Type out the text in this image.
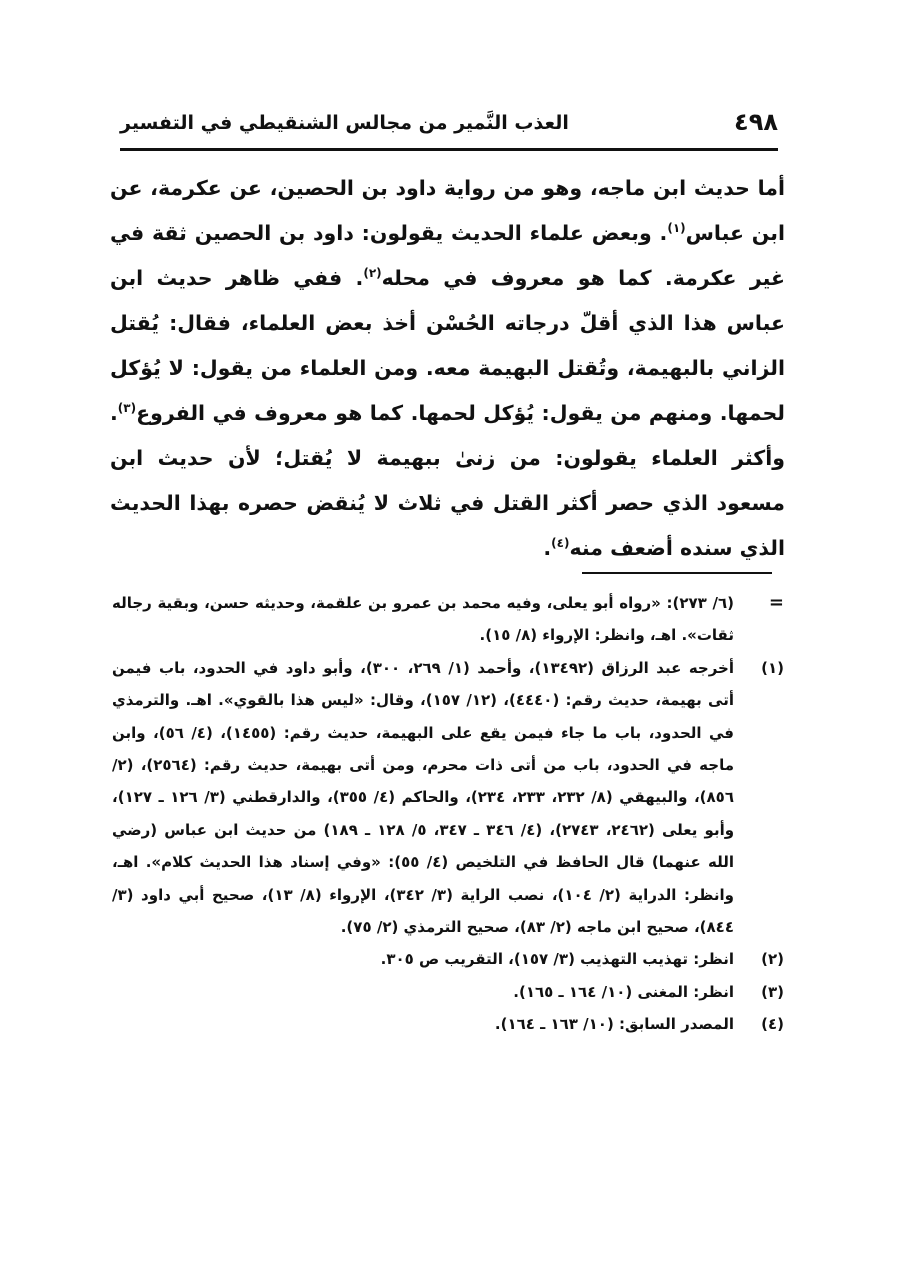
٤٩٨
العذب النَّمير من مجالس الشنقيطي في التفسير

أما حديث ابن ماجه، وهو من رواية داود بن الحصين، عن عكرمة، عن ابن عباس$^{(١)}$. وبعض علماء الحديث يقولون: داود بن الحصين ثقة في غير عكرمة. كما هو معروف في محله$^{(٢)}$. ففي ظاهر حديث ابن عباس هذا الذي أقلّ درجاته الحُسْن أخذ بعض العلماء، فقال: يُقتل الزاني بالبهيمة، وتُقتل البهيمة معه. ومن العلماء من يقول: لا يُؤكل لحمها. ومنهم من يقول: يُؤكل لحمها. كما هو معروف في الفروع$^{(٣)}$. وأكثر العلماء يقولون: من زنىٰ ببهيمة لا يُقتل؛ لأن حديث ابن مسعود الذي حصر أكثر القتل في ثلاث لا يُنقض حصره بهذا الحديث الذي سنده أضعف منه$^{(٤)}$.

=
(٦/ ٢٧٣): «رواه أبو يعلى، وفيه محمد بن عمرو بن علقمة، وحديثه حسن، وبقية رجاله ثقات». اهـ، وانظر: الإرواء (٨/ ١٥).
(١)
أخرجه عبد الرزاق (١٣٤٩٢)، وأحمد (١/ ٢٦٩، ٣٠٠)، وأبو داود في الحدود، باب فيمن أتى بهيمة، حديث رقم: (٤٤٤٠)، (١٢/ ١٥٧)، وقال: «ليس هذا بالقوي». اهـ. والترمذي في الحدود، باب ما جاء فيمن يقع على البهيمة، حديث رقم: (١٤٥٥)، (٤/ ٥٦)، وابن ماجه في الحدود، باب من أتى ذات محرم، ومن أتى بهيمة، حديث رقم: (٢٥٦٤)، (٢/ ٨٥٦)، والبيهقي (٨/ ٢٣٢، ٢٣٣، ٢٣٤)، والحاكم (٤/ ٣٥٥)، والدارقطني (٣/ ١٢٦ ـ ١٢٧)، وأبو يعلى (٢٤٦٢، ٢٧٤٣)، (٤/ ٣٤٦ ـ ٣٤٧، ٥/ ١٢٨ ـ ١٨٩) من حديث ابن عباس (رضي الله عنهما) قال الحافظ في التلخيص (٤/ ٥٥): «وفي إسناد هذا الحديث كلام». اهـ، وانظر: الدراية (٢/ ١٠٤)، نصب الراية (٣/ ٣٤٢)، الإرواء (٨/ ١٣)، صحيح أبي داود (٣/ ٨٤٤)، صحيح ابن ماجه (٢/ ٨٣)، صحيح الترمذي (٢/ ٧٥).
(٢)
انظر: تهذيب التهذيب (٣/ ١٥٧)، التقريب ص ٣٠٥.
(٣)
انظر: المغنى (١٠/ ١٦٤ ـ ١٦٥).
(٤)
المصدر السابق: (١٠/ ١٦٣ ـ ١٦٤).
